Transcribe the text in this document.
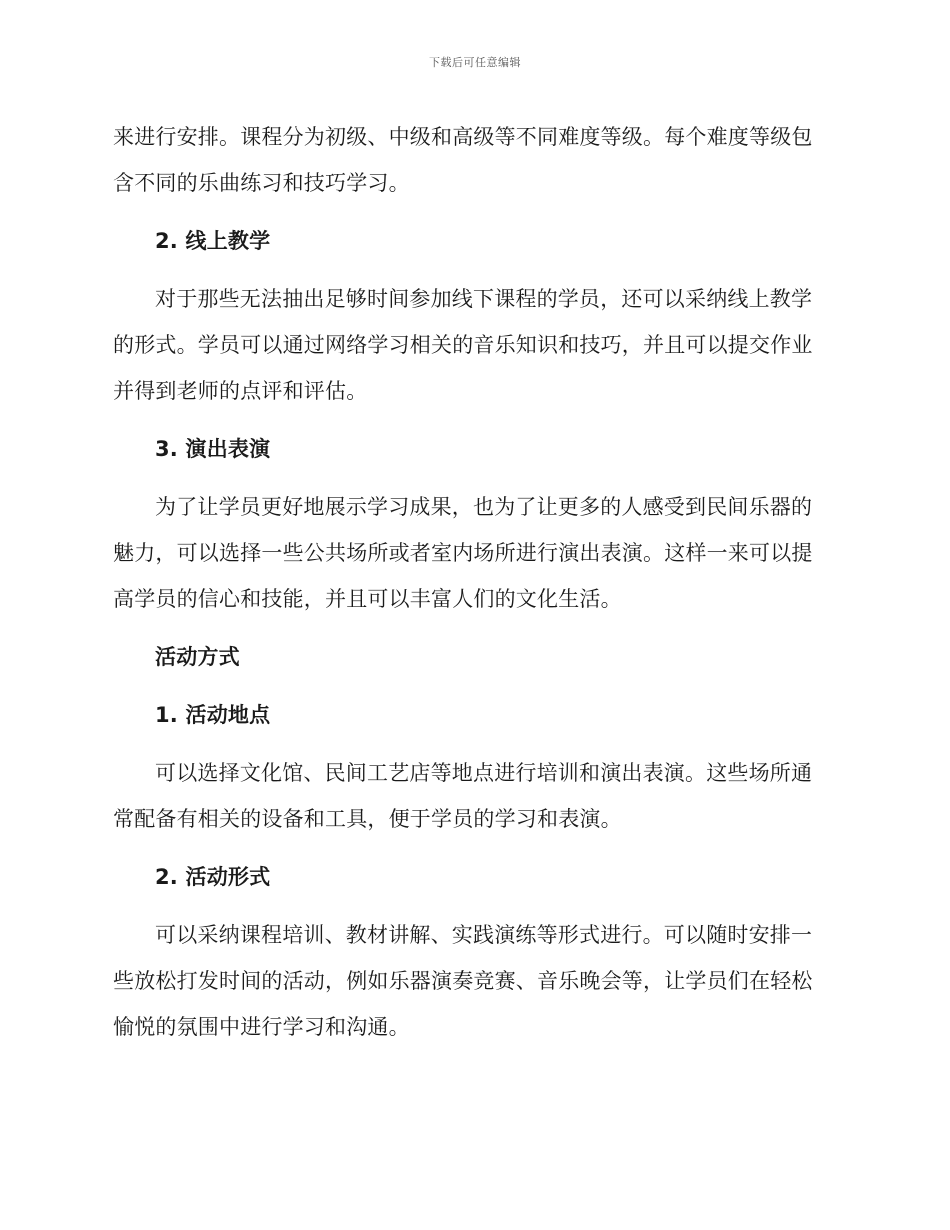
下载后可任意编辑

来进行安排。课程分为初级、中级和高级等不同难度等级。每个难度等级包含不同的乐曲练习和技巧学习。

2. 线上教学

对于那些无法抽出足够时间参加线下课程的学员，还可以采纳线上教学的形式。学员可以通过网络学习相关的音乐知识和技巧，并且可以提交作业并得到老师的点评和评估。

3. 演出表演

为了让学员更好地展示学习成果，也为了让更多的人感受到民间乐器的魅力，可以选择一些公共场所或者室内场所进行演出表演。这样一来可以提高学员的信心和技能，并且可以丰富人们的文化生活。

活动方式

1. 活动地点

可以选择文化馆、民间工艺店等地点进行培训和演出表演。这些场所通常配备有相关的设备和工具，便于学员的学习和表演。

2. 活动形式

可以采纳课程培训、教材讲解、实践演练等形式进行。可以随时安排一些放松打发时间的活动，例如乐器演奏竞赛、音乐晚会等，让学员们在轻松愉悦的氛围中进行学习和沟通。
